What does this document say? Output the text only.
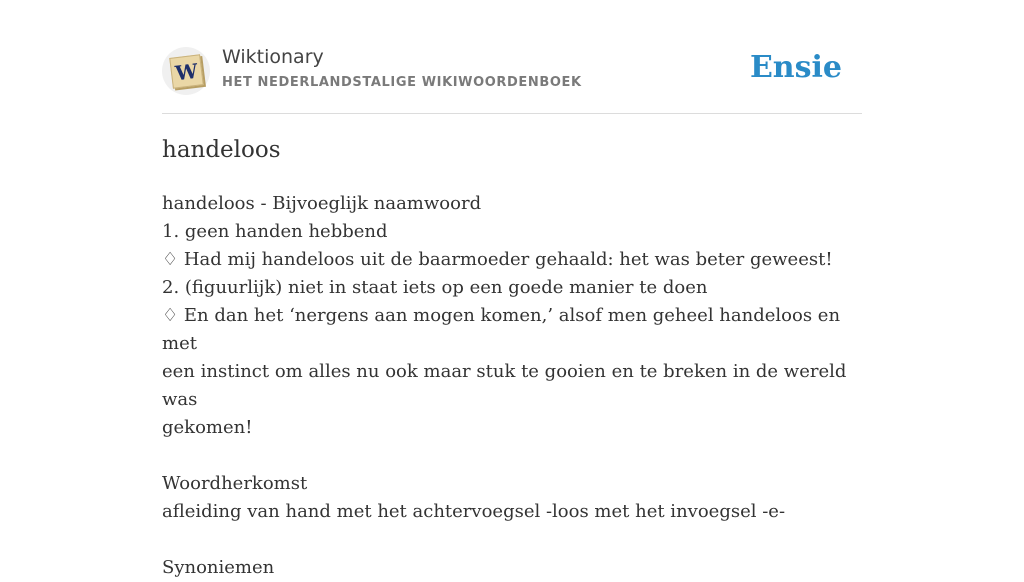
W
Wiktionary
HET NEDERLANDSTALIGE WIKIWOORDENBOEK	Ensie
handeloos
handeloos - Bijvoeglijk naamwoord
1. geen handen hebbend
♢ Had mij handeloos uit de baarmoeder gehaald: het was beter geweest!
2. (figuurlijk) niet in staat iets op een goede manier te doen
♢ En dan het ‘nergens aan mogen komen,’ alsof men geheel handeloos en met
een instinct om alles nu ook maar stuk te gooien en te breken in de wereld was
gekomen!
Woordherkomst
afleiding van hand met het achtervoegsel -loos met het invoegsel -e-
Synoniemen
